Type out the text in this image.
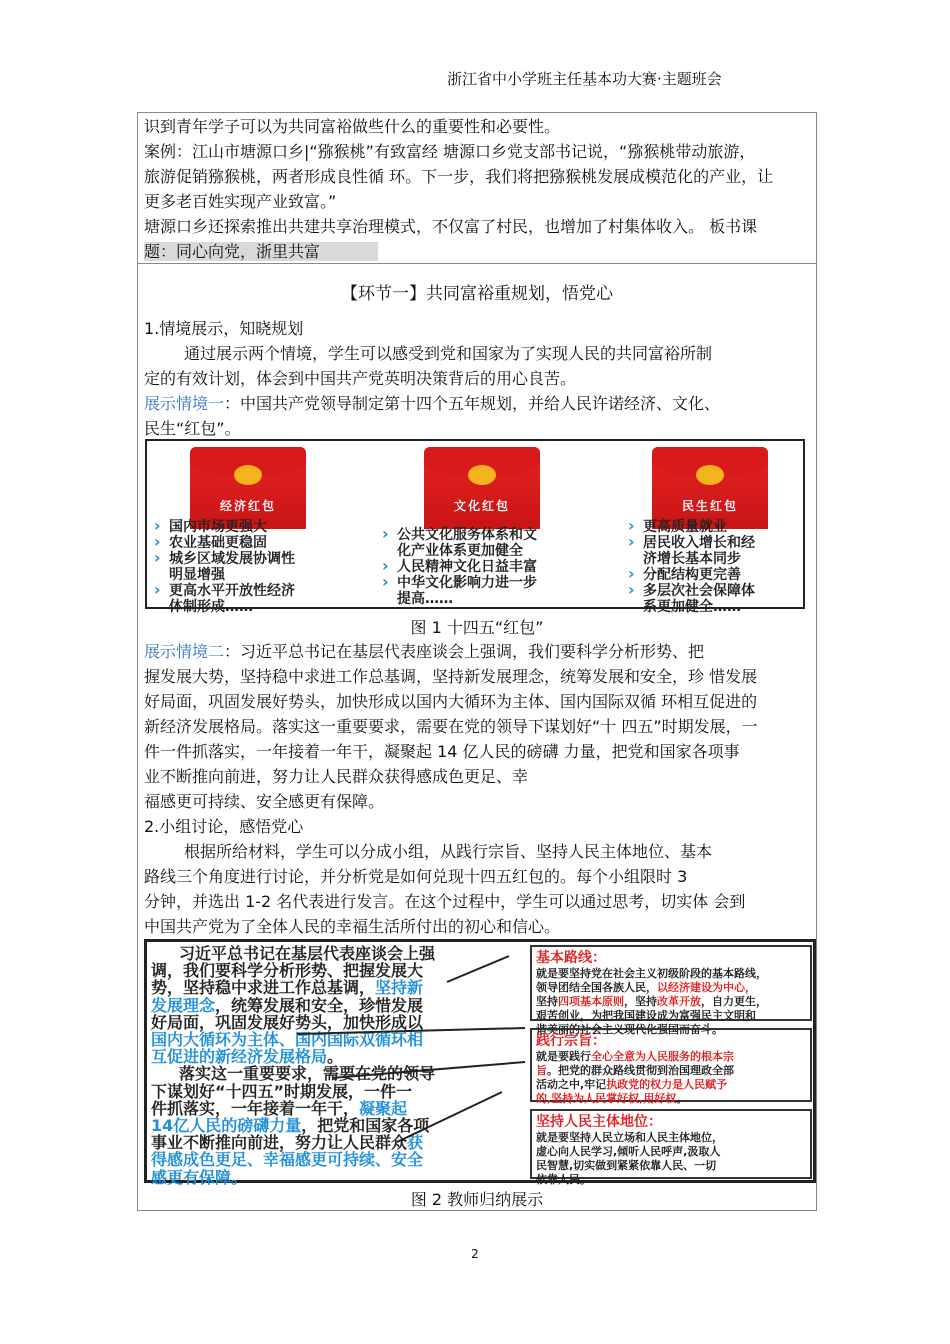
浙江省中小学班主任基本功大赛·主题班会
识到青年学子可以为共同富裕做些什么的重要性和必要性。
案例：江山市塘源口乡|“猕猴桃”有致富经 塘源口乡党支部书记说，“猕猴桃带动旅游，
旅游促销猕猴桃，两者形成良性循 环。下一步，我们将把猕猴桃发展成模范化的产业，让
更多老百姓实现产业致富。”
塘源口乡还探索推出共建共享治理模式，不仅富了村民，也增加了村集体收入。 板书课
题：同心向党，浙里共富
【环节一】共同富裕重规划，悟党心
1.情境展示，知晓规划
通过展示两个情境，学生可以感受到党和国家为了实现人民的共同富裕所制
定的有效计划，体会到中国共产党英明决策背后的用心良苦。
展示情境一：中国共产党领导制定第十四个五年规划，并给人民许诺经济、文化、
民生“红包”。
经济红包	文化红包	民生红包
› 国内市场更强大
› 农业基础更稳固
› 城乡区域发展协调性
明显增强
› 更高水平开放性经济
体制形成……
› 公共文化服务体系和文
化产业体系更加健全
› 人民精神文化日益丰富
› 中华文化影响力进一步
提高……
› 更高质量就业
› 居民收入增长和经
济增长基本同步
› 分配结构更完善
› 多层次社会保障体
系更加健全……
图 1 十四五“红包”
展示情境二：习近平总书记在基层代表座谈会上强调，我们要科学分析形势、把
握发展大势，坚持稳中求进工作总基调，坚持新发展理念，统筹发展和安全，珍 惜发展
好局面，巩固发展好势头，加快形成以国内大循环为主体、国内国际双循 环相互促进的
新经济发展格局。落实这一重要要求，需要在党的领导下谋划好“十 四五”时期发展，一
件一件抓落实，一年接着一年干，凝聚起 14 亿人民的磅礴 力量，把党和国家各项事
业不断推向前进，努力让人民群众获得感成色更足、幸
福感更可持续、安全感更有保障。
2.小组讨论，感悟党心
根据所给材料，学生可以分成小组，从践行宗旨、坚持人民主体地位、基本
路线三个角度进行讨论，并分析党是如何兑现十四五红包的。每个小组限时 3
分钟，并选出 1-2 名代表进行发言。在这个过程中，学生可以通过思考，切实体 会到
中国共产党为了全体人民的幸福生活所付出的初心和信心。
习近平总书记在基层代表座谈会上强
调，我们要科学分析形势、把握发展大
势，坚持稳中求进工作总基调，坚持新
发展理念，统筹发展和安全，珍惜发展
好局面，巩固发展好势头，加快形成以
国内大循环为主体、国内国际双循环相
互促进的新经济发展格局。
落实这一重要要求，需要在党的领导
下谋划好“十四五”时期发展，一件一
件抓落实，一年接着一年干，凝聚起
14亿人民的磅礴力量，把党和国家各项
事业不断推向前进，努力让人民群众获
得感成色更足、幸福感更可持续、安全
感更有保障。
基本路线：
就是要坚持党在社会主义初级阶段的基本路线，
领导团结全国各族人民，以经济建设为中心，
坚持四项基本原则，坚持改革开放，自力更生，
艰苦创业，为把我国建设成为富强民主文明和
谐美丽的社会主义现代化强国而奋斗。
践行宗旨：
就是要践行全心全意为人民服务的根本宗
旨。把党的群众路线贯彻到治国理政全部
活动之中,牢记执政党的权力是人民赋予
的,坚持为人民掌好权,用好权。
坚持人民主体地位：
就是要坚持人民立场和人民主体地位，
虚心向人民学习,倾听人民呼声,汲取人
民智慧,切实做到紧紧依靠人民、一切
依靠人民。
图 2 教师归纳展示
2
